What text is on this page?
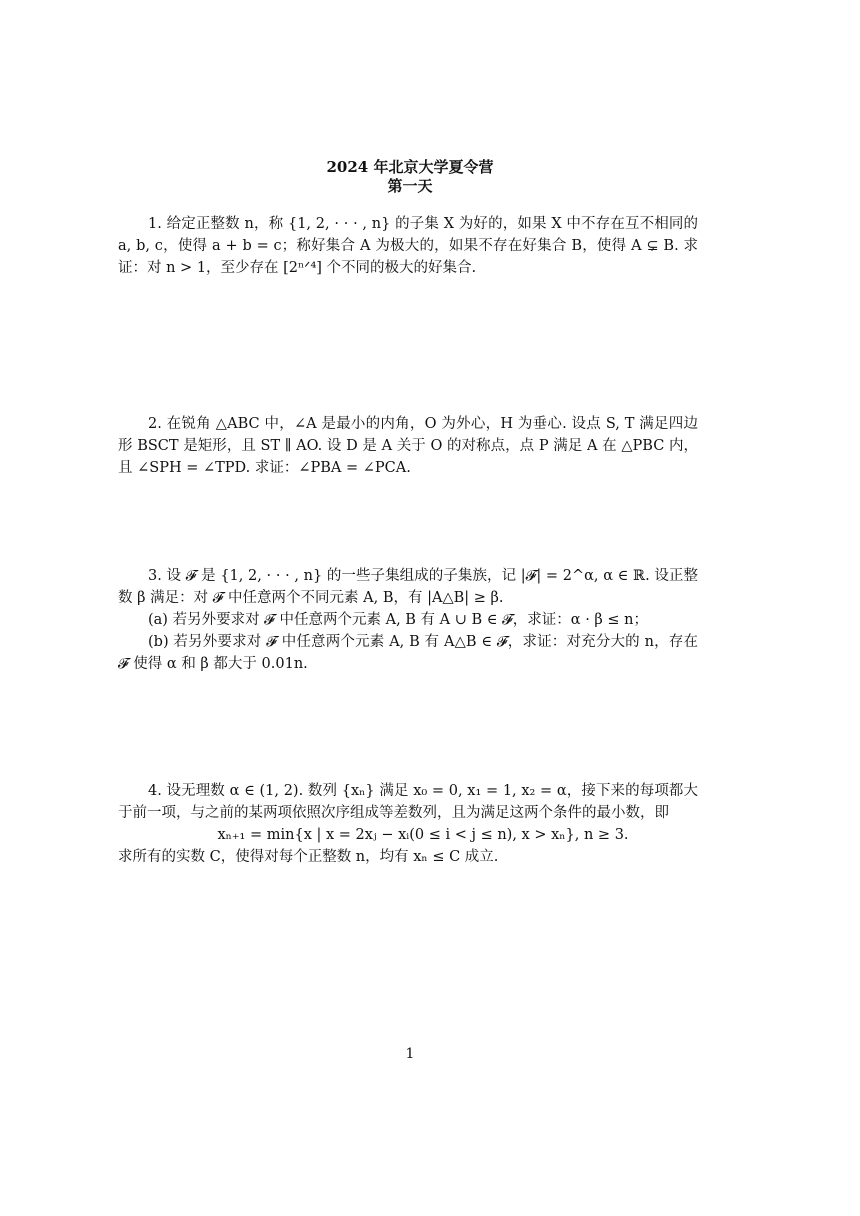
2024 年北京大学夏令营
第一天

1. 给定正整数 n，称 {1, 2, · · · , n} 的子集 X 为好的，如果 X 中不存在互不相同的 a, b, c，使得 a + b = c；称好集合 A 为极大的，如果不存在好集合 B，使得 A ⊊ B. 求证：对 n > 1，至少存在 [2ⁿᐟ⁴] 个不同的极大的好集合.

2. 在锐角 △ABC 中，∠A 是最小的内角，O 为外心，H 为垂心. 设点 S, T 满足四边形 BSCT 是矩形，且 ST ∥ AO. 设 D 是 A 关于 O 的对称点，点 P 满足 A 在 △PBC 内，且 ∠SPH = ∠TPD. 求证：∠PBA = ∠PCA.

3. 设 𝓕 是 {1, 2, · · · , n} 的一些子集组成的子集族，记 |𝓕| = 2^α, α ∈ ℝ. 设正整数 β 满足：对 𝓕 中任意两个不同元素 A, B，有 |A△B| ≥ β.

(a) 若另外要求对 𝓕 中任意两个元素 A, B 有 A ∪ B ∈ 𝓕，求证：α · β ≤ n；

(b) 若另外要求对 𝓕 中任意两个元素 A, B 有 A△B ∈ 𝓕，求证：对充分大的 n，存在 𝓕 使得 α 和 β 都大于 0.01n.

4. 设无理数 α ∈ (1, 2). 数列 {xₙ} 满足 x₀ = 0, x₁ = 1, x₂ = α，接下来的每项都大于前一项，与之前的某两项依照次序组成等差数列，且为满足这两个条件的最小数，即

xₙ₊₁ = min{x | x = 2xⱼ − xᵢ(0 ≤ i < j ≤ n), x > xₙ}, n ≥ 3.

求所有的实数 C，使得对每个正整数 n，均有 xₙ ≤ C 成立.

1
